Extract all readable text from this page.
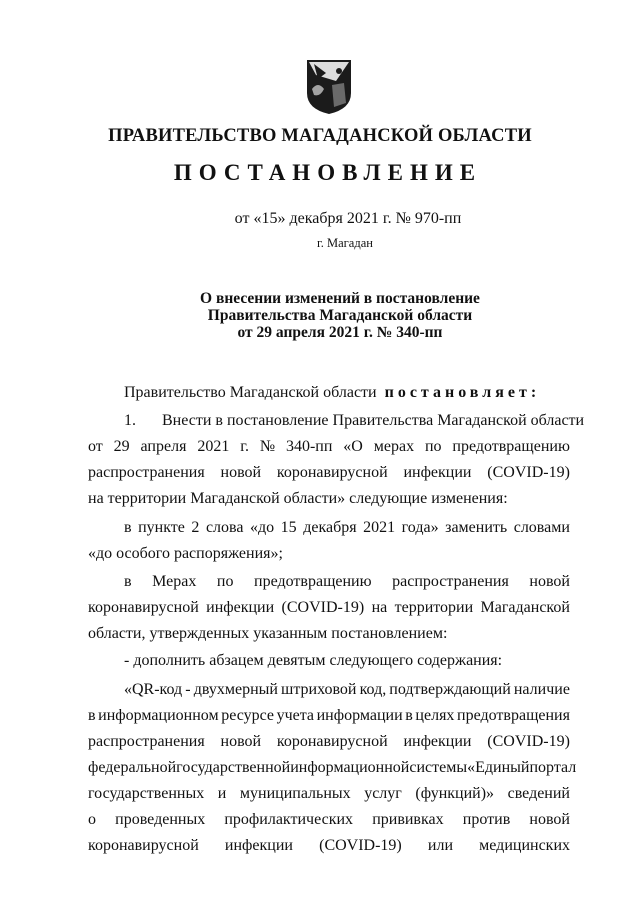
ПРАВИТЕЛЬСТВО МАГАДАНСКОЙ ОБЛАСТИ
ПОСТАНОВЛЕНИЕ
от «15» декабря 2021 г. № 970-пп
г. Магадан
О внесении изменений в постановление
Правительства Магаданской области
от 29 апреля 2021 г. № 340-пп
Правительство Магаданской области постановляет:
1. Внести в постановление Правительства Магаданской области
от 29 апреля 2021 г. № 340-пп «О мерах по предотвращению
распространения новой коронавирусной инфекции (COVID-19)
на территории Магаданской области» следующие изменения:
в пункте 2 слова «до 15 декабря 2021 года» заменить словами
«до особого распоряжения»;
в Мерах по предотвращению распространения новой
коронавирусной инфекции (COVID-19) на территории Магаданской
области, утвержденных указанным постановлением:
- дополнить абзацем девятым следующего содержания:
«QR-код - двухмерный штриховой код, подтверждающий наличие
в информационном ресурсе учета информации в целях предотвращения
распространения новой коронавирусной инфекции (COVID-19)
федеральной государственной информационной системы «Единый портал
государственных и муниципальных услуг (функций)» сведений
о проведенных профилактических прививках против новой
коронавирусной инфекции (COVID-19) или медицинских
